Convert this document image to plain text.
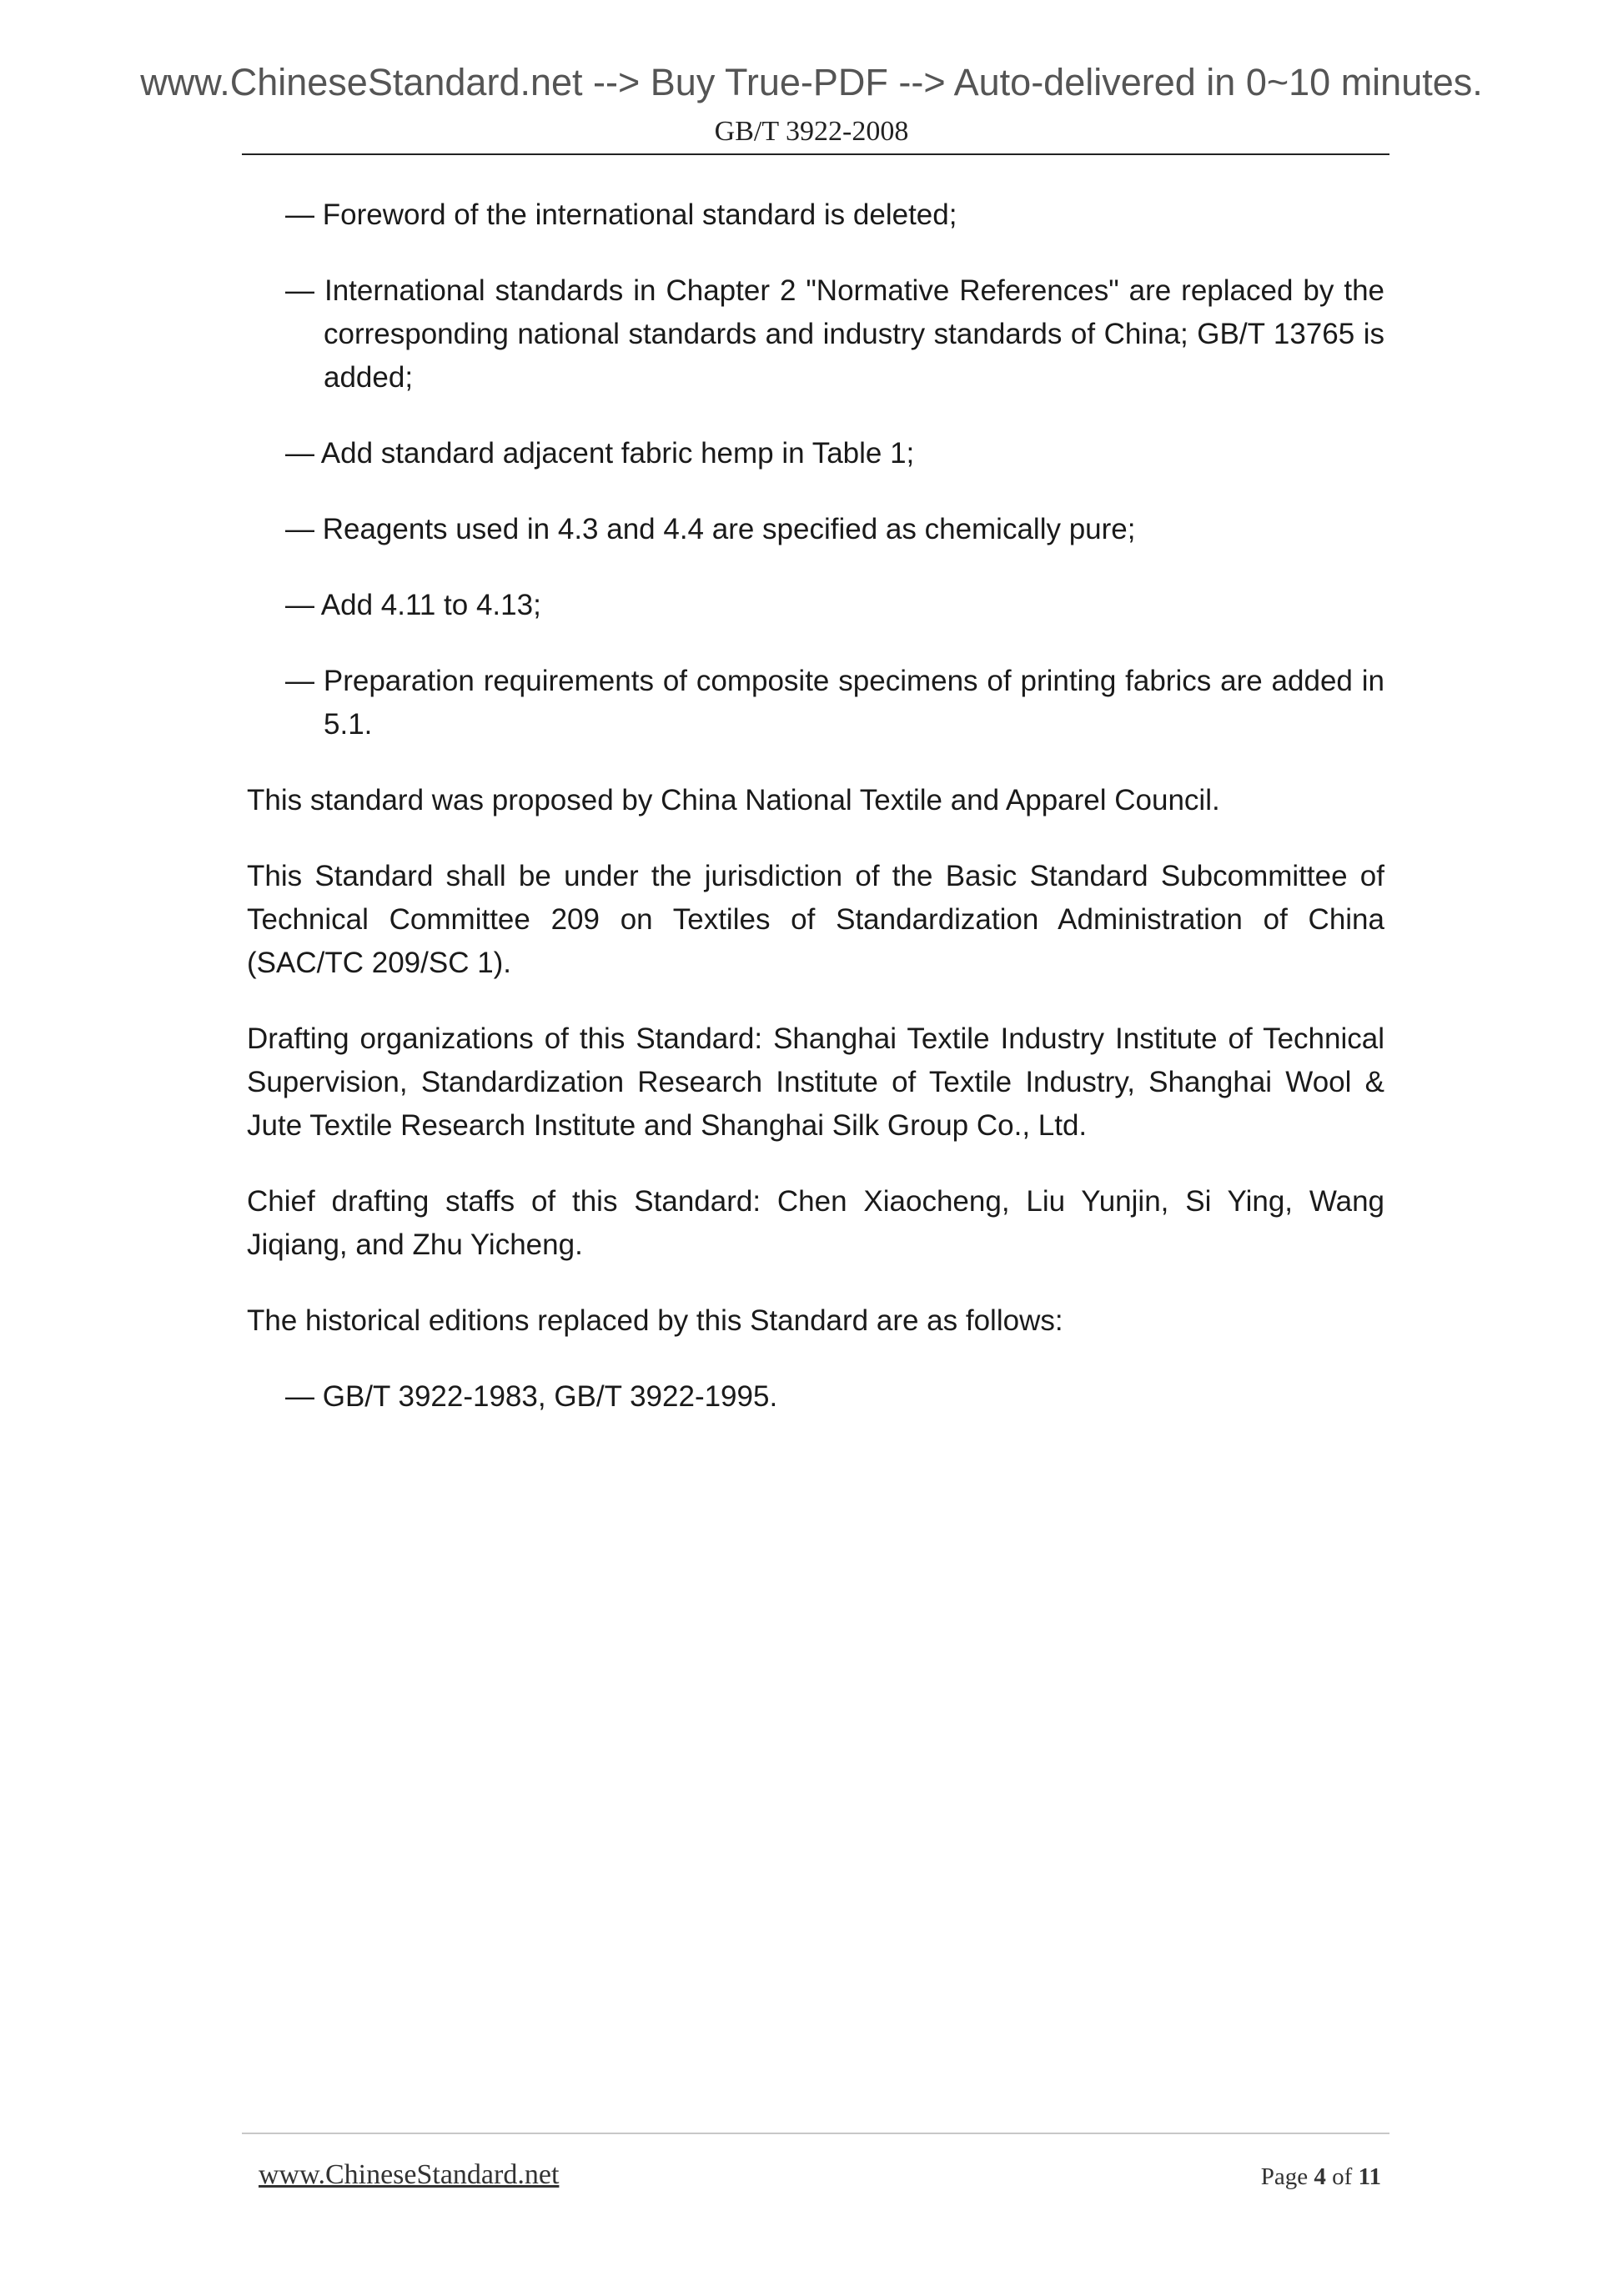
www.ChineseStandard.net --> Buy True-PDF --> Auto-delivered in 0~10 minutes.
GB/T 3922-2008

— Foreword of the international standard is deleted;

— International standards in Chapter 2 "Normative References" are replaced by the corresponding national standards and industry standards of China; GB/T 13765 is added;

— Add standard adjacent fabric hemp in Table 1;

— Reagents used in 4.3 and 4.4 are specified as chemically pure;

— Add 4.11 to 4.13;

— Preparation requirements of composite specimens of printing fabrics are added in 5.1.

This standard was proposed by China National Textile and Apparel Council.

This Standard shall be under the jurisdiction of the Basic Standard Subcommittee of Technical Committee 209 on Textiles of Standardization Administration of China (SAC/TC 209/SC 1).

Drafting organizations of this Standard: Shanghai Textile Industry Institute of Technical Supervision, Standardization Research Institute of Textile Industry, Shanghai Wool & Jute Textile Research Institute and Shanghai Silk Group Co., Ltd.

Chief drafting staffs of this Standard: Chen Xiaocheng, Liu Yunjin, Si Ying, Wang Jiqiang, and Zhu Yicheng.

The historical editions replaced by this Standard are as follows:

— GB/T 3922-1983, GB/T 3922-1995.

www.ChineseStandard.net	Page 4 of 11
